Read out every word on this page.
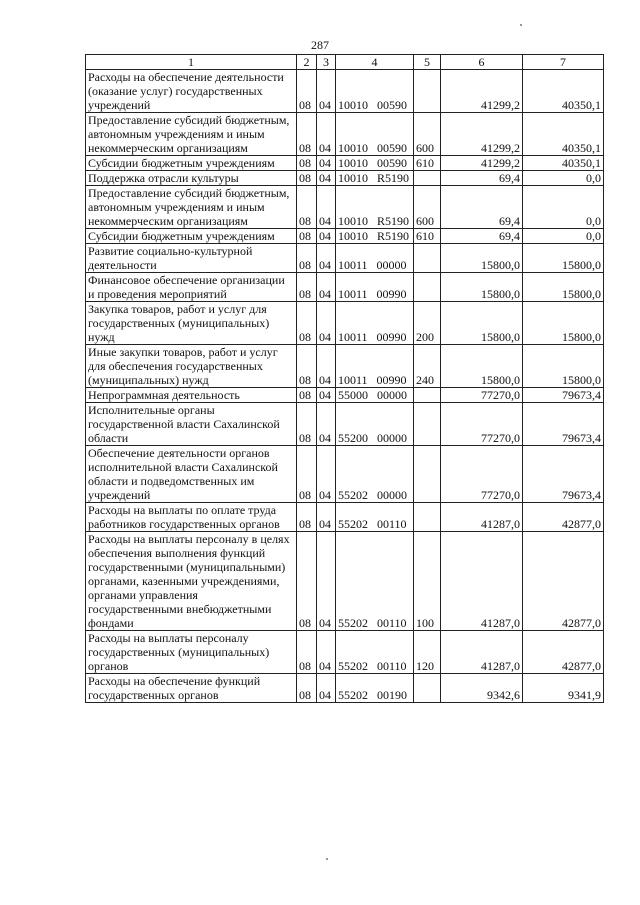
287
1	2	3	4	5	6	7
Расходы на обеспечение деятельности (оказание услуг) государственных учреждений	08	04	10010 00590		41299,2	40350,1
Предоставление субсидий бюджетным, автономным учреждениям и иным некоммерческим организациям	08	04	10010 00590	600	41299,2	40350,1
Субсидии бюджетным учреждениям	08	04	10010 00590	610	41299,2	40350,1
Поддержка отрасли культуры	08	04	10010 R5190		69,4	0,0
Предоставление субсидий бюджетным, автономным учреждениям и иным некоммерческим организациям	08	04	10010 R5190	600	69,4	0,0
Субсидии бюджетным учреждениям	08	04	10010 R5190	610	69,4	0,0
Развитие социально-культурной деятельности	08	04	10011 00000		15800,0	15800,0
Финансовое обеспечение организации и проведения мероприятий	08	04	10011 00990		15800,0	15800,0
Закупка товаров, работ и услуг для государственных (муниципальных) нужд	08	04	10011 00990	200	15800,0	15800,0
Иные закупки товаров, работ и услуг для обеспечения государственных (муниципальных) нужд	08	04	10011 00990	240	15800,0	15800,0
Непрограммная деятельность	08	04	55000 00000		77270,0	79673,4
Исполнительные органы государственной власти Сахалинской области	08	04	55200 00000		77270,0	79673,4
Обеспечение деятельности органов исполнительной власти Сахалинской области и подведомственных им учреждений	08	04	55202 00000		77270,0	79673,4
Расходы на выплаты по оплате труда работников государственных органов	08	04	55202 00110		41287,0	42877,0
Расходы на выплаты персоналу в целях обеспечения выполнения функций государственными (муниципальными) органами, казенными учреждениями, органами управления государственными внебюджетными фондами	08	04	55202 00110	100	41287,0	42877,0
Расходы на выплаты персоналу государственных (муниципальных) органов	08	04	55202 00110	120	41287,0	42877,0
Расходы на обеспечение функций государственных органов	08	04	55202 00190		9342,6	9341,9
